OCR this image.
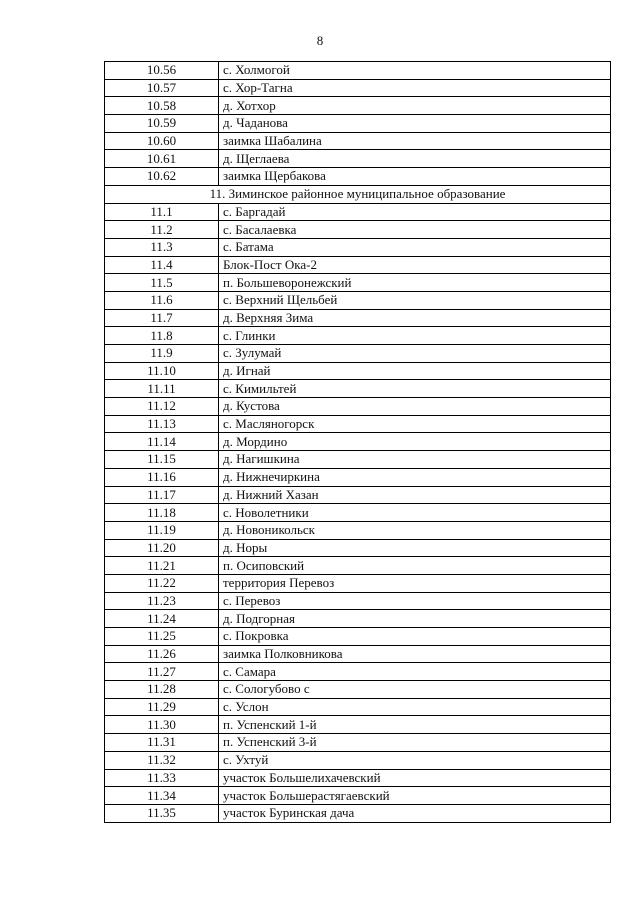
8
10.56	с. Холмогой
10.57	с. Хор-Тагна
10.58	д. Хотхор
10.59	д. Чаданова
10.60	заимка Шабалина
10.61	д. Щеглаева
10.62	заимка Щербакова
11. Зиминское районное муниципальное образование	
11.1	с. Баргадай
11.2	с. Басалаевка
11.3	с. Батама
11.4	Блок-Пост Ока-2
11.5	п. Большеворонежский
11.6	с. Верхний Щельбей
11.7	д. Верхняя Зима
11.8	с. Глинки
11.9	с. Зулумай
11.10	д. Игнай
11.11	с. Кимильтей
11.12	д. Кустова
11.13	с. Масляногорск
11.14	д. Мордино
11.15	д. Нагишкина
11.16	д. Нижнечиркина
11.17	д. Нижний Хазан
11.18	с. Новолетники
11.19	д. Новоникольск
11.20	д. Норы
11.21	п. Осиповский
11.22	территория Перевоз
11.23	с. Перевоз
11.24	д. Подгорная
11.25	с. Покровка
11.26	заимка Полковникова
11.27	с. Самара
11.28	с. Сологубово с
11.29	с. Услон
11.30	п. Успенский 1-й
11.31	п. Успенский 3-й
11.32	с. Ухтуй
11.33	участок Большелихачевский
11.34	участок Большерастягаевский
11.35	участок Буринская дача
